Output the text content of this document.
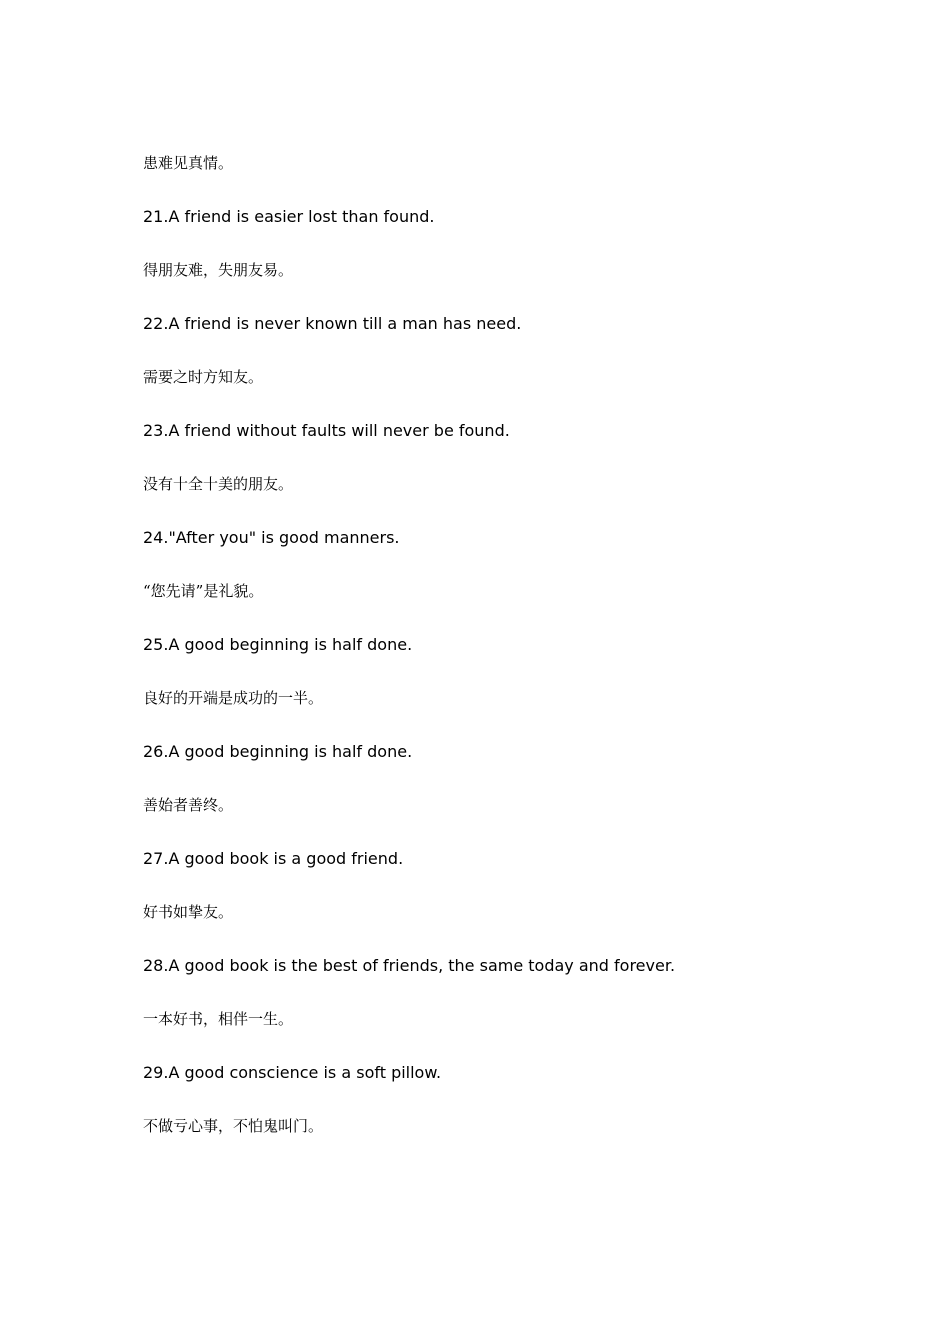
患难见真情。
21.A friend is easier lost than found.
得朋友难，失朋友易。
22.A friend is never known till a man has need.
需要之时方知友。
23.A friend without faults will never be found.
没有十全十美的朋友。
24."After you" is good manners.
“您先请”是礼貌。
25.A good beginning is half done.
良好的开端是成功的一半。
26.A good beginning is half done.
善始者善终。
27.A good book is a good friend.
好书如挚友。
28.A good book is the best of friends, the same today and forever.
一本好书，相伴一生。
29.A good conscience is a soft pillow.
不做亏心事，不怕鬼叫门。
